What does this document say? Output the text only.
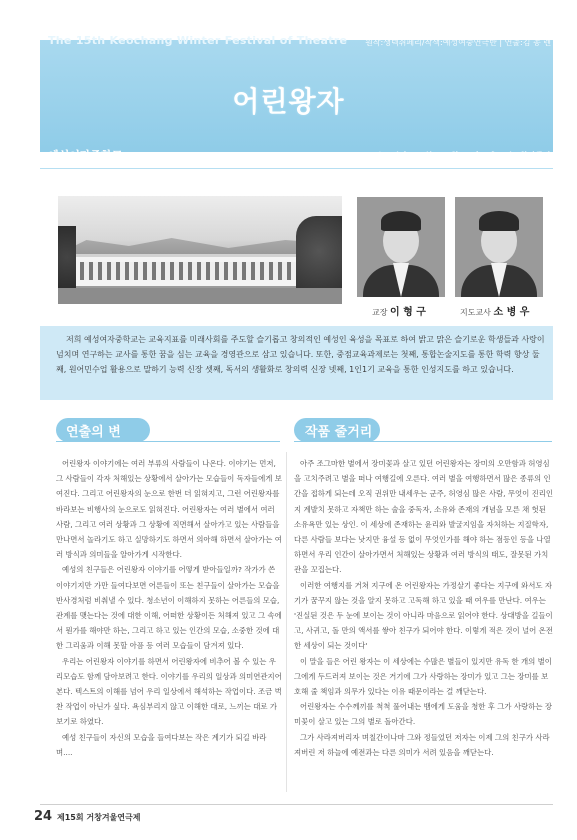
The 15th Keochang Winter Festival of Theatre 원작:생텍쥐페리/작색:예성여중연극반 | 연출:김 종 렌
어린왕자
예성여자중학교	소요시간－40분 , 12월 11일 오후 4시 / 참마극장
교장 이 형 구	지도교사 소 병 우

저희 예성여자중학교는 교육지표를 미래사회를 주도할 슬기롭고 창의적인 예성인 육성을 목표로 하여 밝고 맑은 슬기로운 학생들과 사랑이 넘치며 연구하는 교사를 통한 꿈을 심는 교육을 경영관으로 삼고 있습니다. 또한, 중점교육과제로는 첫째, 통합논술지도를 통한 학력 향상 둘째, 원어민수업 활용으로 말하기 능력 신장 셋째, 독서의 생활화로 창의력 신장 넷째, 1인1기 교육을 통한 인성지도를 하고 있습니다.

연출의 변	작품 줄거리

어린왕자 이야기에는 여러 부류의 사람들이 나온다. 이야기는 먼저, 그 사람들이 각자 처해있는 상황에서 살아가는 모습들이 독자들에게 보여진다. 그리고 어린왕자의 눈으로 한번 더 읽혀지고, 그런 어린왕자를 바라보는 비행사의 눈으로도 읽혀진다. 어린왕자는 여러 별에서 여러 사람, 그리고 여러 상황과 그 상황에 직면해서 살아가고 있는 사람들을 만나면서 놀라기도 하고 실망하기도 하면서 의아해 하면서 살아가는 여러 방식과 의미들을 알아가게 시작한다.

예성의 친구들은 어린왕자 이야기를 어떻게 받아들일까? 작가가 쓴 이야기지만 가만 들여다보면 어른들이 또는 친구들이 살아가는 모습을 반사경처럼 비춰낼 수 있다. 청소년이 이해하지 못하는 어른들의 모습, 관계를 맺는다는 것에 대한 이해, 어떠한 상황이든 처해져 있고 그 속에서 뭔가를 해야만 하는, 그리고 하고 있는 인간의 모습, 소중한 것에 대한 그리움과 이해 못할 아픔 등 여러 모습들이 담겨져 있다.

우리는 어린왕자 이야기를 하면서 어린왕자에 비추어 볼 수 있는 우리모습도 함께 담아보려고 한다. 이야기를 우리의 일상과 의미연관지어 본다. 텍스트의 이해를 넘어 우리 일상에서 해석하는 작업이다. 조금 벅찬 작업이 아닌가 싶다. 욕심부리지 않고 이해한 대로, 느끼는 대로 가보기로 하였다.

예성 친구들이 자신의 모습을 들여다보는 작은 계기가 되길 바라며....

아주 조그마한 별에서 장미꽃과 살고 있던 어린왕자는 장미의 오만함과 허영심을 고치주려고 별을 떠나 여행길에 오른다. 여러 별을 여행하면서 많은 종류의 인간을 접하게 되는데 오직 권위만 내세우는 군주, 허영심 많은 사람, 무엇이 진리인지 계발치 못하고 자책만 하는 술을 중독자, 소유와 존재의 개념을 모른 채 헛된 소유욕만 있는 상인. 이 세상에 존재하는 윤리와 발굴지임을 자처하는 지질학자, 다른 사람들 보다는 낫지만 융설 등 없이 무엇인가를 해야 하는 점등인 등을 나열하면서 우리 인간이 살아가면서 처해있는 상황과 여러 방식의 태도, 잘못된 가치관을 꼬집는다.

이러한 여행지를 거쳐 지구에 온 어린왕자는 가정살기 좋다는 지구에 와서도 자기가 꿈꾸지 않는 것을 알지 못하고 고독해 하고 있을 때 여우를 만난다. 여우는 '진실된 것은 두 눈에 보이는 것이 아니라 마음으로 읽어야 한다. 상대방을 길들이고, 사귀고, 돌 만의 액서를 쌓아 친구가 되어야 한다. 이렇게 적은 것이 널어 온전한 세상이 되는 것이다'

이 말을 들은 어린 왕자는 이 세상에는 수많은 별들이 있지만 유독 한 개의 별이 그에게 두드러져 보이는 것은 거기에 그가 사랑하는 장미가 있고 그는 장미를 보호해 줄 책임과 의무가 있다는 이유 때문이라는 걸 깨닫는다.

어린왕자는 수수께끼를 척척 풀어내는 뱀에게 도움을 청한 후 그가 사랑하는 장미꽃이 살고 있는 그의 별로 돌아간다.

그가 사라져버리자 며칠간이나마 그와 정들었던 저자는 이제 그의 친구가 사라져버린 저 하늘에 예전과는 다른 의미가 서려 있음을 깨닫는다.

24 제15회 거창겨울연극제
